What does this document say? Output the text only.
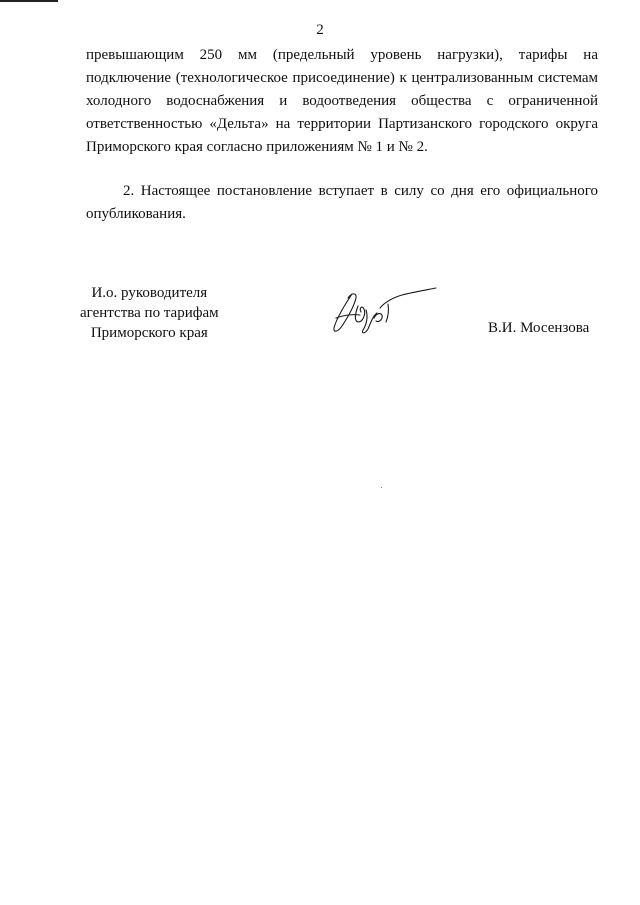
2

превышающим 250 мм (предельный уровень нагрузки), тарифы на подключение (технологическое присоединение) к централизованным системам холодного водоснабжения и водоотведения общества с ограниченной ответственностью «Дельта» на территории Партизанского городского округа Приморского края согласно приложениям № 1 и № 2.

2. Настоящее постановление вступает в силу со дня его официального опубликования.

И.о. руководителя
агентства по тарифам
Приморского края	В.И. Мосензова
